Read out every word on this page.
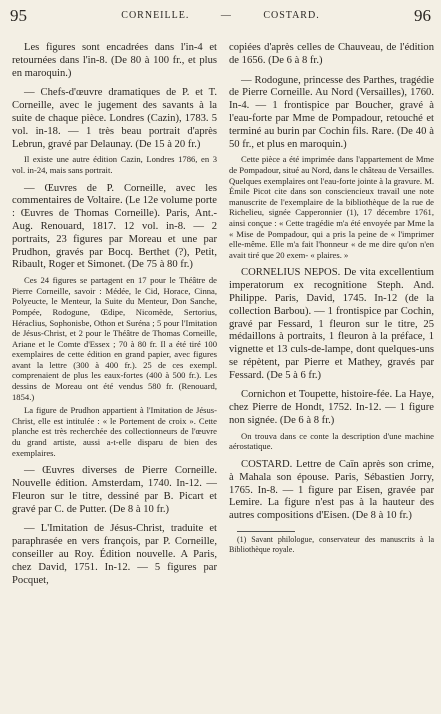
95	CORNEILLE. — COSTARD.	96

Les figures sont encadrées dans l'in-4 et retournées dans l'in-8. (De 80 à 100 fr., et plus en maroquin.)

— Chefs-d'œuvre dramatiques de P. et T. Corneille, avec le jugement des savants à la suite de chaque pièce. Londres (Cazin), 1783. 5 vol. in-18. — 1 très beau portrait d'après Lebrun, gravé par Delaunay. (De 15 à 20 fr.)

Il existe une autre édition Cazin, Londres 1786, en 3 vol. in-24, mais sans portrait.

— Œuvres de P. Corneille, avec les commentaires de Voltaire. (Le 12e volume porte : Œuvres de Thomas Corneille). Paris, Ant.-Aug. Renouard, 1817. 12 vol. in-8. — 2 portraits, 23 figures par Moreau et une par Prudhon, gravés par Bocq. Berthet (?), Petit, Ribault, Roger et Simonet. (De 75 à 80 fr.)

Ces 24 figures se partagent en 17 pour le Théâtre de Pierre Corneille, savoir : Médée, le Cid, Horace, Cinna, Polyeucte, le Menteur, la Suite du Menteur, Don Sanche, Pompée, Rodogune, Œdipe, Nicomède, Sertorius, Héraclius, Sophonisbe, Othon et Suréna ; 5 pour l'Imitation de Jésus-Christ, et 2 pour le Théâtre de Thomas Corneille, Ariane et le Comte d'Essex ; 70 à 80 fr. Il a été tiré 100 exemplaires de cette édition en grand papier, avec figures avant la lettre (300 à 400 fr.). 25 de ces exempl. comprenaient de plus les eaux-fortes (400 à 500 fr.). Les dessins de Moreau ont été vendus 580 fr. (Renouard, 1854.)

La figure de Prudhon appartient à l'Imitation de Jésus-Christ, elle est intitulée : « le Portement de croix ». Cette planche est très recherchée des collectionneurs de l'œuvre du grand artiste, aussi a-t-elle disparu de bien des exemplaires.

— Œuvres diverses de Pierre Corneille. Nouvelle édition. Amsterdam, 1740. In-12. — Fleuron sur le titre, dessiné par B. Picart et gravé par C. de Putter. (De 8 à 10 fr.)

— L'Imitation de Jésus-Christ, traduite et paraphrasée en vers françois, par P. Corneille, conseiller au Roy. Édition nouvelle. A Paris, chez David, 1751. In-12. — 5 figures par Pocquet,

copiées d'après celles de Chauveau, de l'édition de 1656. (De 6 à 8 fr.)

— Rodogune, princesse des Parthes, tragédie de Pierre Corneille. Au Nord (Versailles), 1760. In-4. — 1 frontispice par Boucher, gravé à l'eau-forte par Mme de Pompadour, retouché et terminé au burin par Cochin fils. Rare. (De 40 à 50 fr., et plus en maroquin.)

Cette pièce a été imprimée dans l'appartement de Mme de Pompadour, situé au Nord, dans le château de Versailles. Quelques exemplaires ont l'eau-forte jointe à la gravure. M. Émile Picot cite dans son consciencieux travail une note manuscrite de l'exemplaire de la bibliothèque de la rue de Richelieu, signée Capperonnier (1), 17 décembre 1761, ainsi conçue : « Cette tragédie m'a été envoyée par Mme la « Mise de Pompadour, qui a pris la peine de « l'imprimer elle-même. Elle m'a fait l'honneur « de me dire qu'on n'en avait tiré que 20 exem- « plaires. »

CORNELIUS NEPOS. De vita excellentium imperatorum ex recognitione Steph. And. Philippe. Paris, David, 1745. In-12 (de la collection Barbou). — 1 frontispice par Cochin, gravé par Fessard, 1 fleuron sur le titre, 25 médaillons à portraits, 1 fleuron à la préface, 1 vignette et 13 culs-de-lampe, dont quelques-uns se répètent, par Pierre et Mathey, gravés par Fessard. (De 5 à 6 fr.)

Cornichon et Toupette, histoire-fée. La Haye, chez Pierre de Hondt, 1752. In-12. — 1 figure non signée. (De 6 à 8 fr.)

On trouva dans ce conte la description d'une machine aérostatique.

COSTARD. Lettre de Caïn après son crime, à Mahala son épouse. Paris, Sébastien Jorry, 1765. In-8. — 1 figure par Eisen, gravée par Lemire. La figure n'est pas à la hauteur des autres compositions d'Eisen. (De 8 à 10 fr.)

(1) Savant philologue, conservateur des manuscrits à la Bibliothèque royale.
